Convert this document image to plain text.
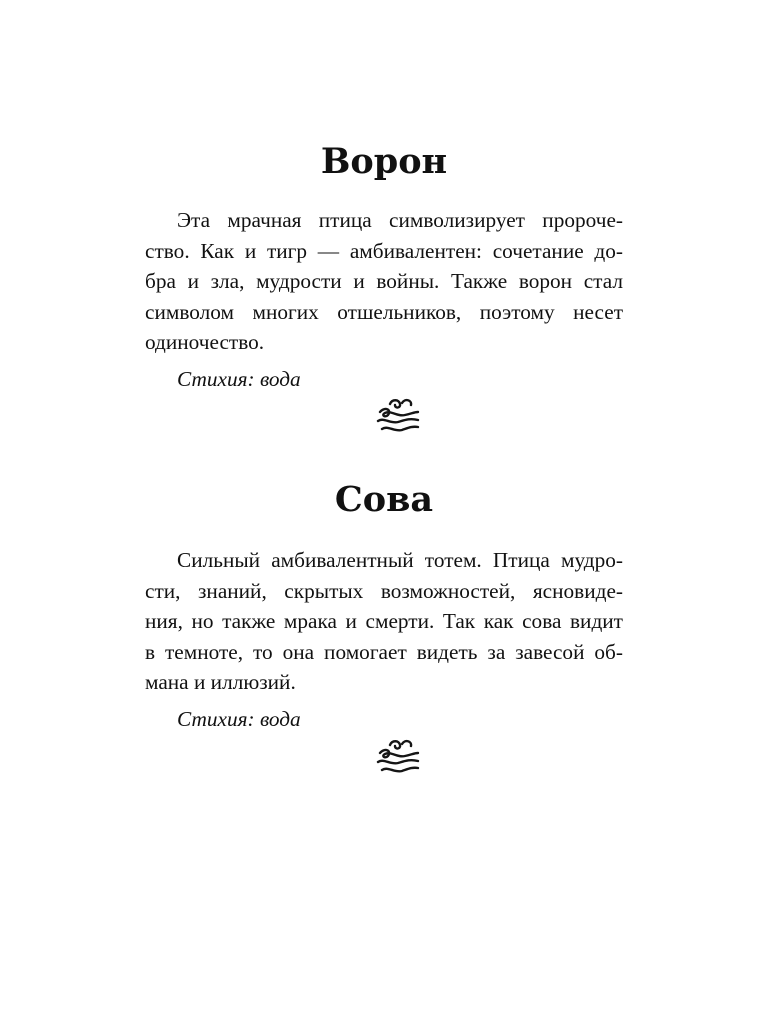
Ворон
Эта мрачная птица символизирует пророче-
ство. Как и тигр — амбивалентен: сочетание до-
бра и зла, мудрости и войны. Также ворон стал
символом многих отшельников, поэтому несет
одиночество.
Стихия: вода
Сова
Сильный амбивалентный тотем. Птица мудро-
сти, знаний, скрытых возможностей, ясновиде-
ния, но также мрака и смерти. Так как сова видит
в темноте, то она помогает видеть за завесой об-
мана и иллюзий.
Стихия: вода
